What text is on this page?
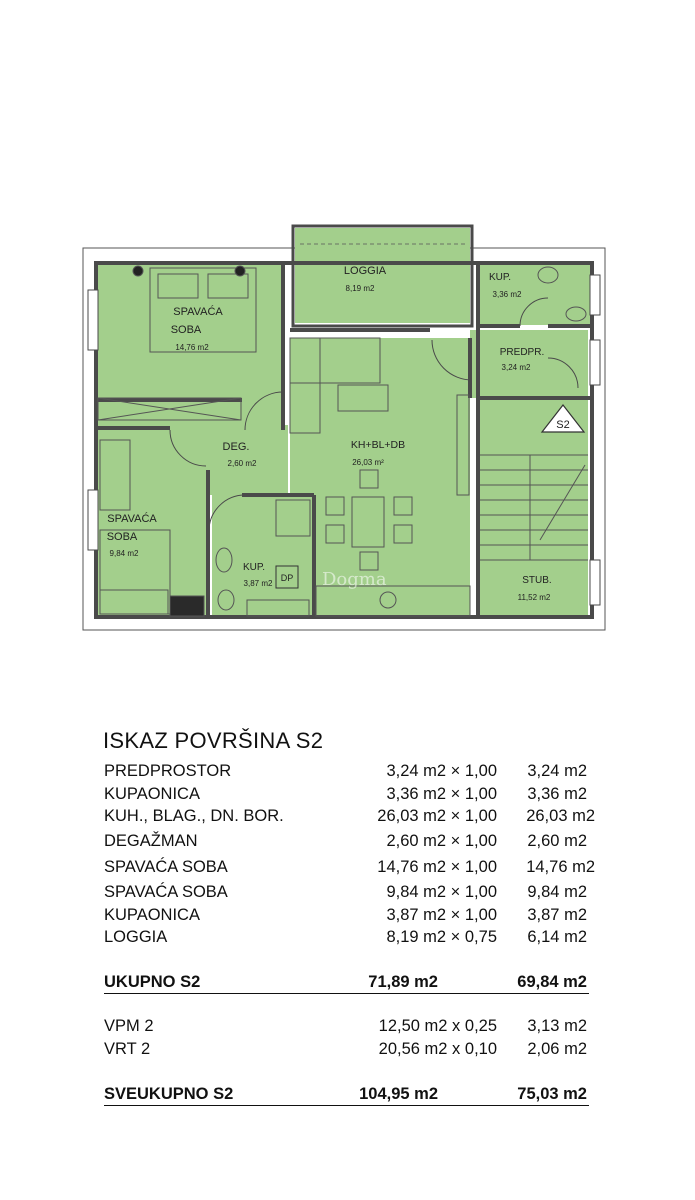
S2
LOGGIA
8,19 m2
KUP.
3,36 m2
SPAVAĆA
SOBA
14,76 m2	PREDPR.
3,24 m2
DEG.
2,60 m2
KH+BL+DB
26,03 m²
SPAVAĆA
SOBA
9,84 m2
KUP.
3,87 m2
DP	STUB.
11,52 m2
Dogma
ISKAZ POVRŠINA S2
PREDPROSTOR	3,24 m2 × 1,00 3,24 m2
KUPAONICA	3,36 m2 × 1,00 3,36 m2
KUH., BLAG., DN. BOR.	26,03 m2 × 1,00 26,03 m2
DEGAŽMAN	2,60 m2 × 1,00 2,60 m2
SPAVAĆA SOBA	14,76 m2 × 1,00 14,76 m2
SPAVAĆA SOBA	9,84 m2 × 1,00 9,84 m2
KUPAONICA	3,87 m2 × 1,00 3,87 m2
LOGGIA	8,19 m2 × 0,75 6,14 m2
UKUPNO S2	71,89 m2	69,84 m2
VPM 2	12,50 m2 x 0,25 3,13 m2
VRT 2	20,56 m2 x 0,10 2,06 m2
SVEUKUPNO S2	104,95 m2	75,03 m2
